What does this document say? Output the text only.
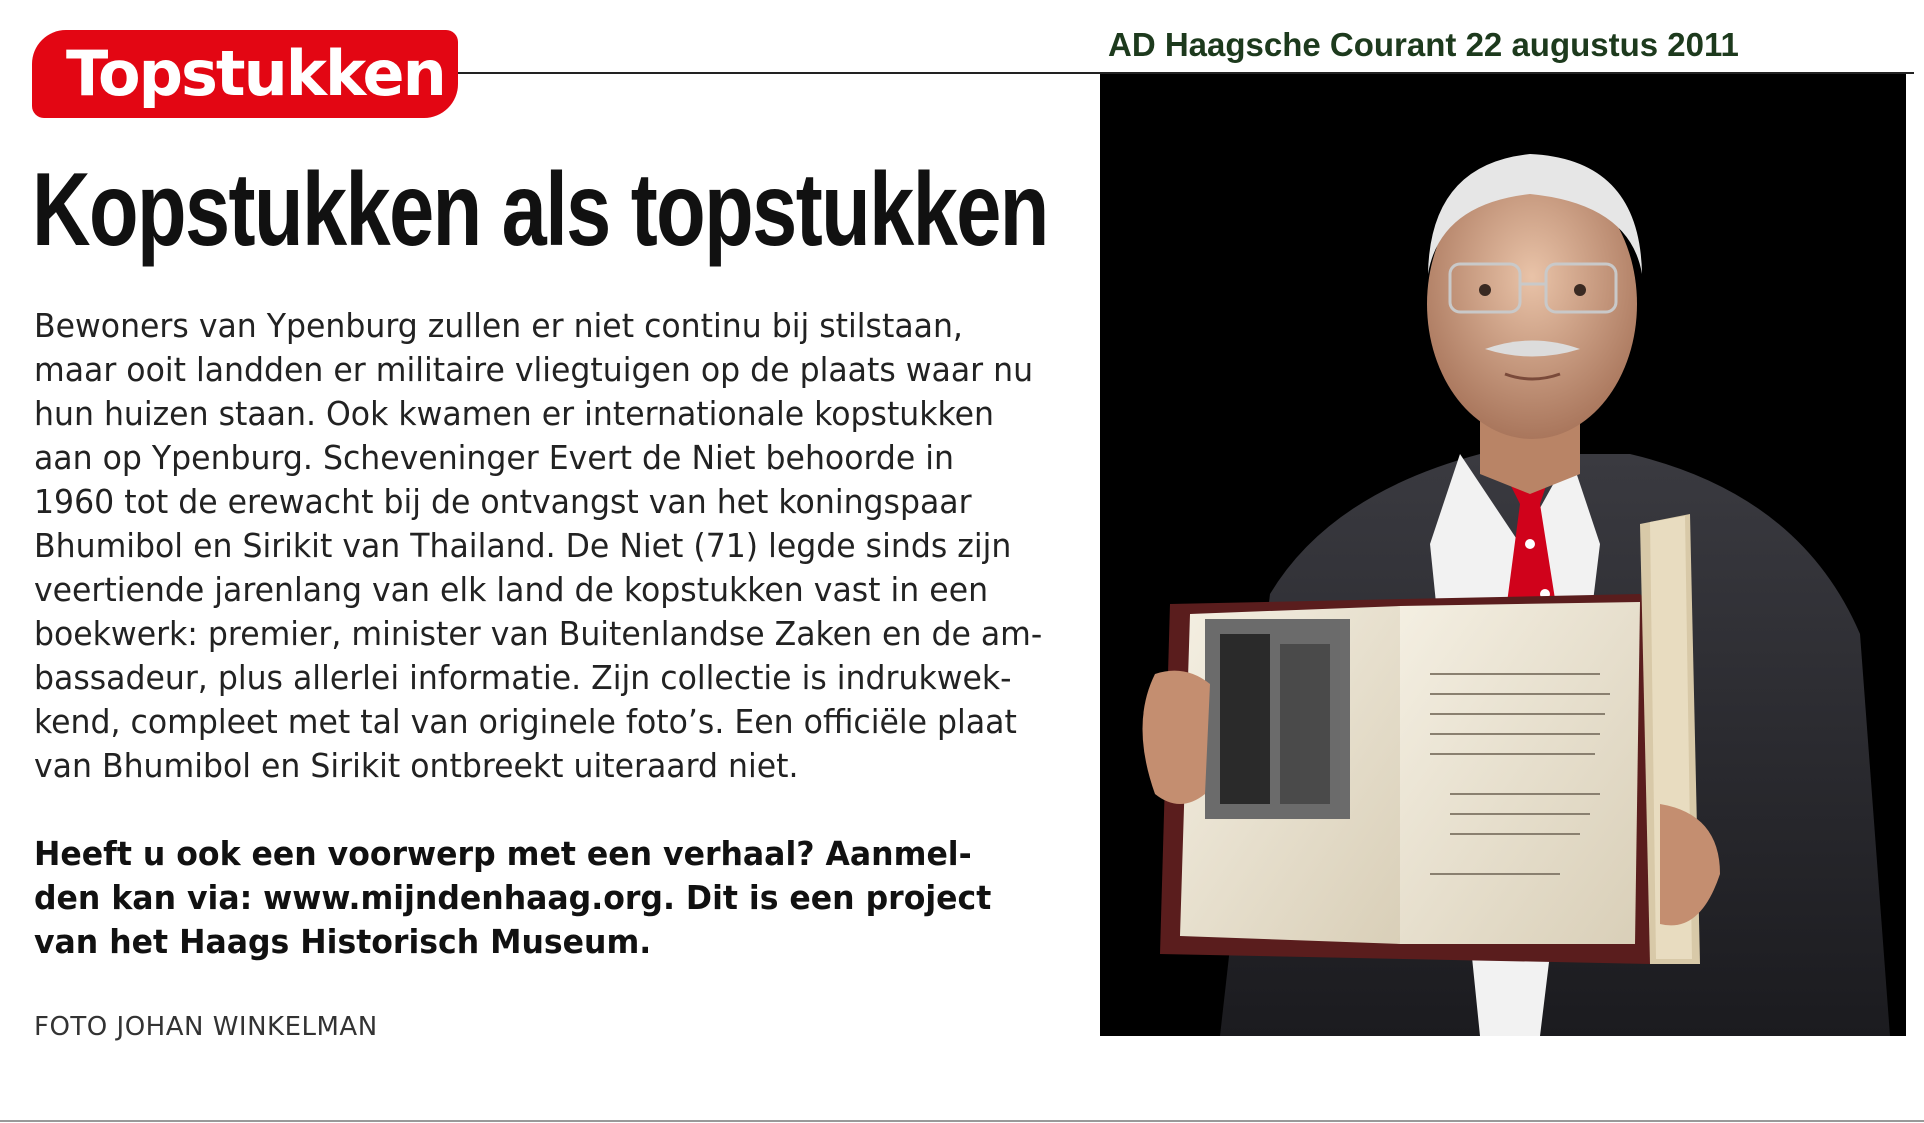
Topstukken	AD Haagsche Courant 22 augustus 2011
Kopstukken als topstukken
Bewoners van Ypenburg zullen er niet continu bij stilstaan,
maar ooit landden er militaire vliegtuigen op de plaats waar nu
hun huizen staan. Ook kwamen er internationale kopstukken
aan op Ypenburg. Scheveninger Evert de Niet behoorde in
1960 tot de erewacht bij de ontvangst van het koningspaar
Bhumibol en Sirikit van Thailand. De Niet (71) legde sinds zijn
veertiende jarenlang van elk land de kopstukken vast in een
boekwerk: premier, minister van Buitenlandse Zaken en de am-
bassadeur, plus allerlei informatie. Zijn collectie is indrukwek-
kend, compleet met tal van originele foto’s. Een officiële plaat
van Bhumibol en Sirikit ontbreekt uiteraard niet.
Heeft u ook een voorwerp met een verhaal? Aanmel-
den kan via: www.mijndenhaag.org. Dit is een project
van het Haags Historisch Museum.
FOTO JOHAN WINKELMAN
